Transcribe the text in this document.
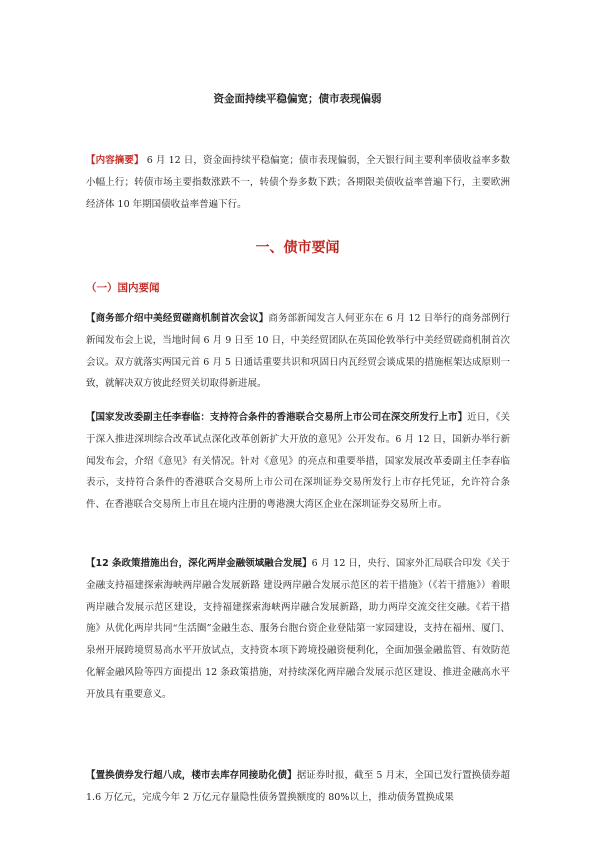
资金面持续平稳偏宽；债市表现偏弱
【内容摘要】 6 月 12 日，资金面持续平稳偏宽；债市表现偏弱，全天银行间主要利率债收益率多数小幅上行；转债市场主要指数涨跌不一，转债个券多数下跌；各期限美债收益率普遍下行，主要欧洲经济体 10 年期国债收益率普遍下行。
一、债市要闻
（一）国内要闻
【商务部介绍中美经贸磋商机制首次会议】商务部新闻发言人何亚东在 6 月 12 日举行的商务部例行新闻发布会上说，当地时间 6 月 9 日至 10 日，中美经贸团队在英国伦敦举行中美经贸磋商机制首次会议。双方就落实两国元首 6 月 5 日通话重要共识和巩固日内瓦经贸会谈成果的措施框架达成原则一致，就解决双方彼此经贸关切取得新进展。
【国家发改委副主任李春临：支持符合条件的香港联合交易所上市公司在深交所发行上市】近日，《关于深入推进深圳综合改革试点深化改革创新扩大开放的意见》公开发布。6 月 12 日，国新办举行新闻发布会，介绍《意见》有关情况。针对《意见》的亮点和重要举措，国家发展改革委副主任李春临表示，支持符合条件的香港联合交易所上市公司在深圳证券交易所发行上市存托凭证，允许符合条件、在香港联合交易所上市且在境内注册的粤港澳大湾区企业在深圳证券交易所上市。
【12 条政策措施出台，深化两岸金融领域融合发展】6 月 12 日，央行、国家外汇局联合印发《关于金融支持福建探索海峡两岸融合发展新路 建设两岸融合发展示范区的若干措施》（《若干措施》）着眼两岸融合发展示范区建设，支持福建探索海峡两岸融合发展新路，助力两岸交流交往交融。《若干措施》从优化两岸共同“生活圈”金融生态、服务台胞台资企业登陆第一家园建设，支持在福州、厦门、泉州开展跨境贸易高水平开放试点，支持资本项下跨境投融资便利化，全面加强金融监管、有效防范化解金融风险等四方面提出 12 条政策措施，对持续深化两岸融合发展示范区建设、推进金融高水平开放具有重要意义。
【置换债券发行超八成，楼市去库存同接助化债】据证券时报，截至 5 月末，全国已发行置换债券超 1.6 万亿元，完成今年 2 万亿元存量隐性债务置换额度的 80%以上，推动债务置换成果
